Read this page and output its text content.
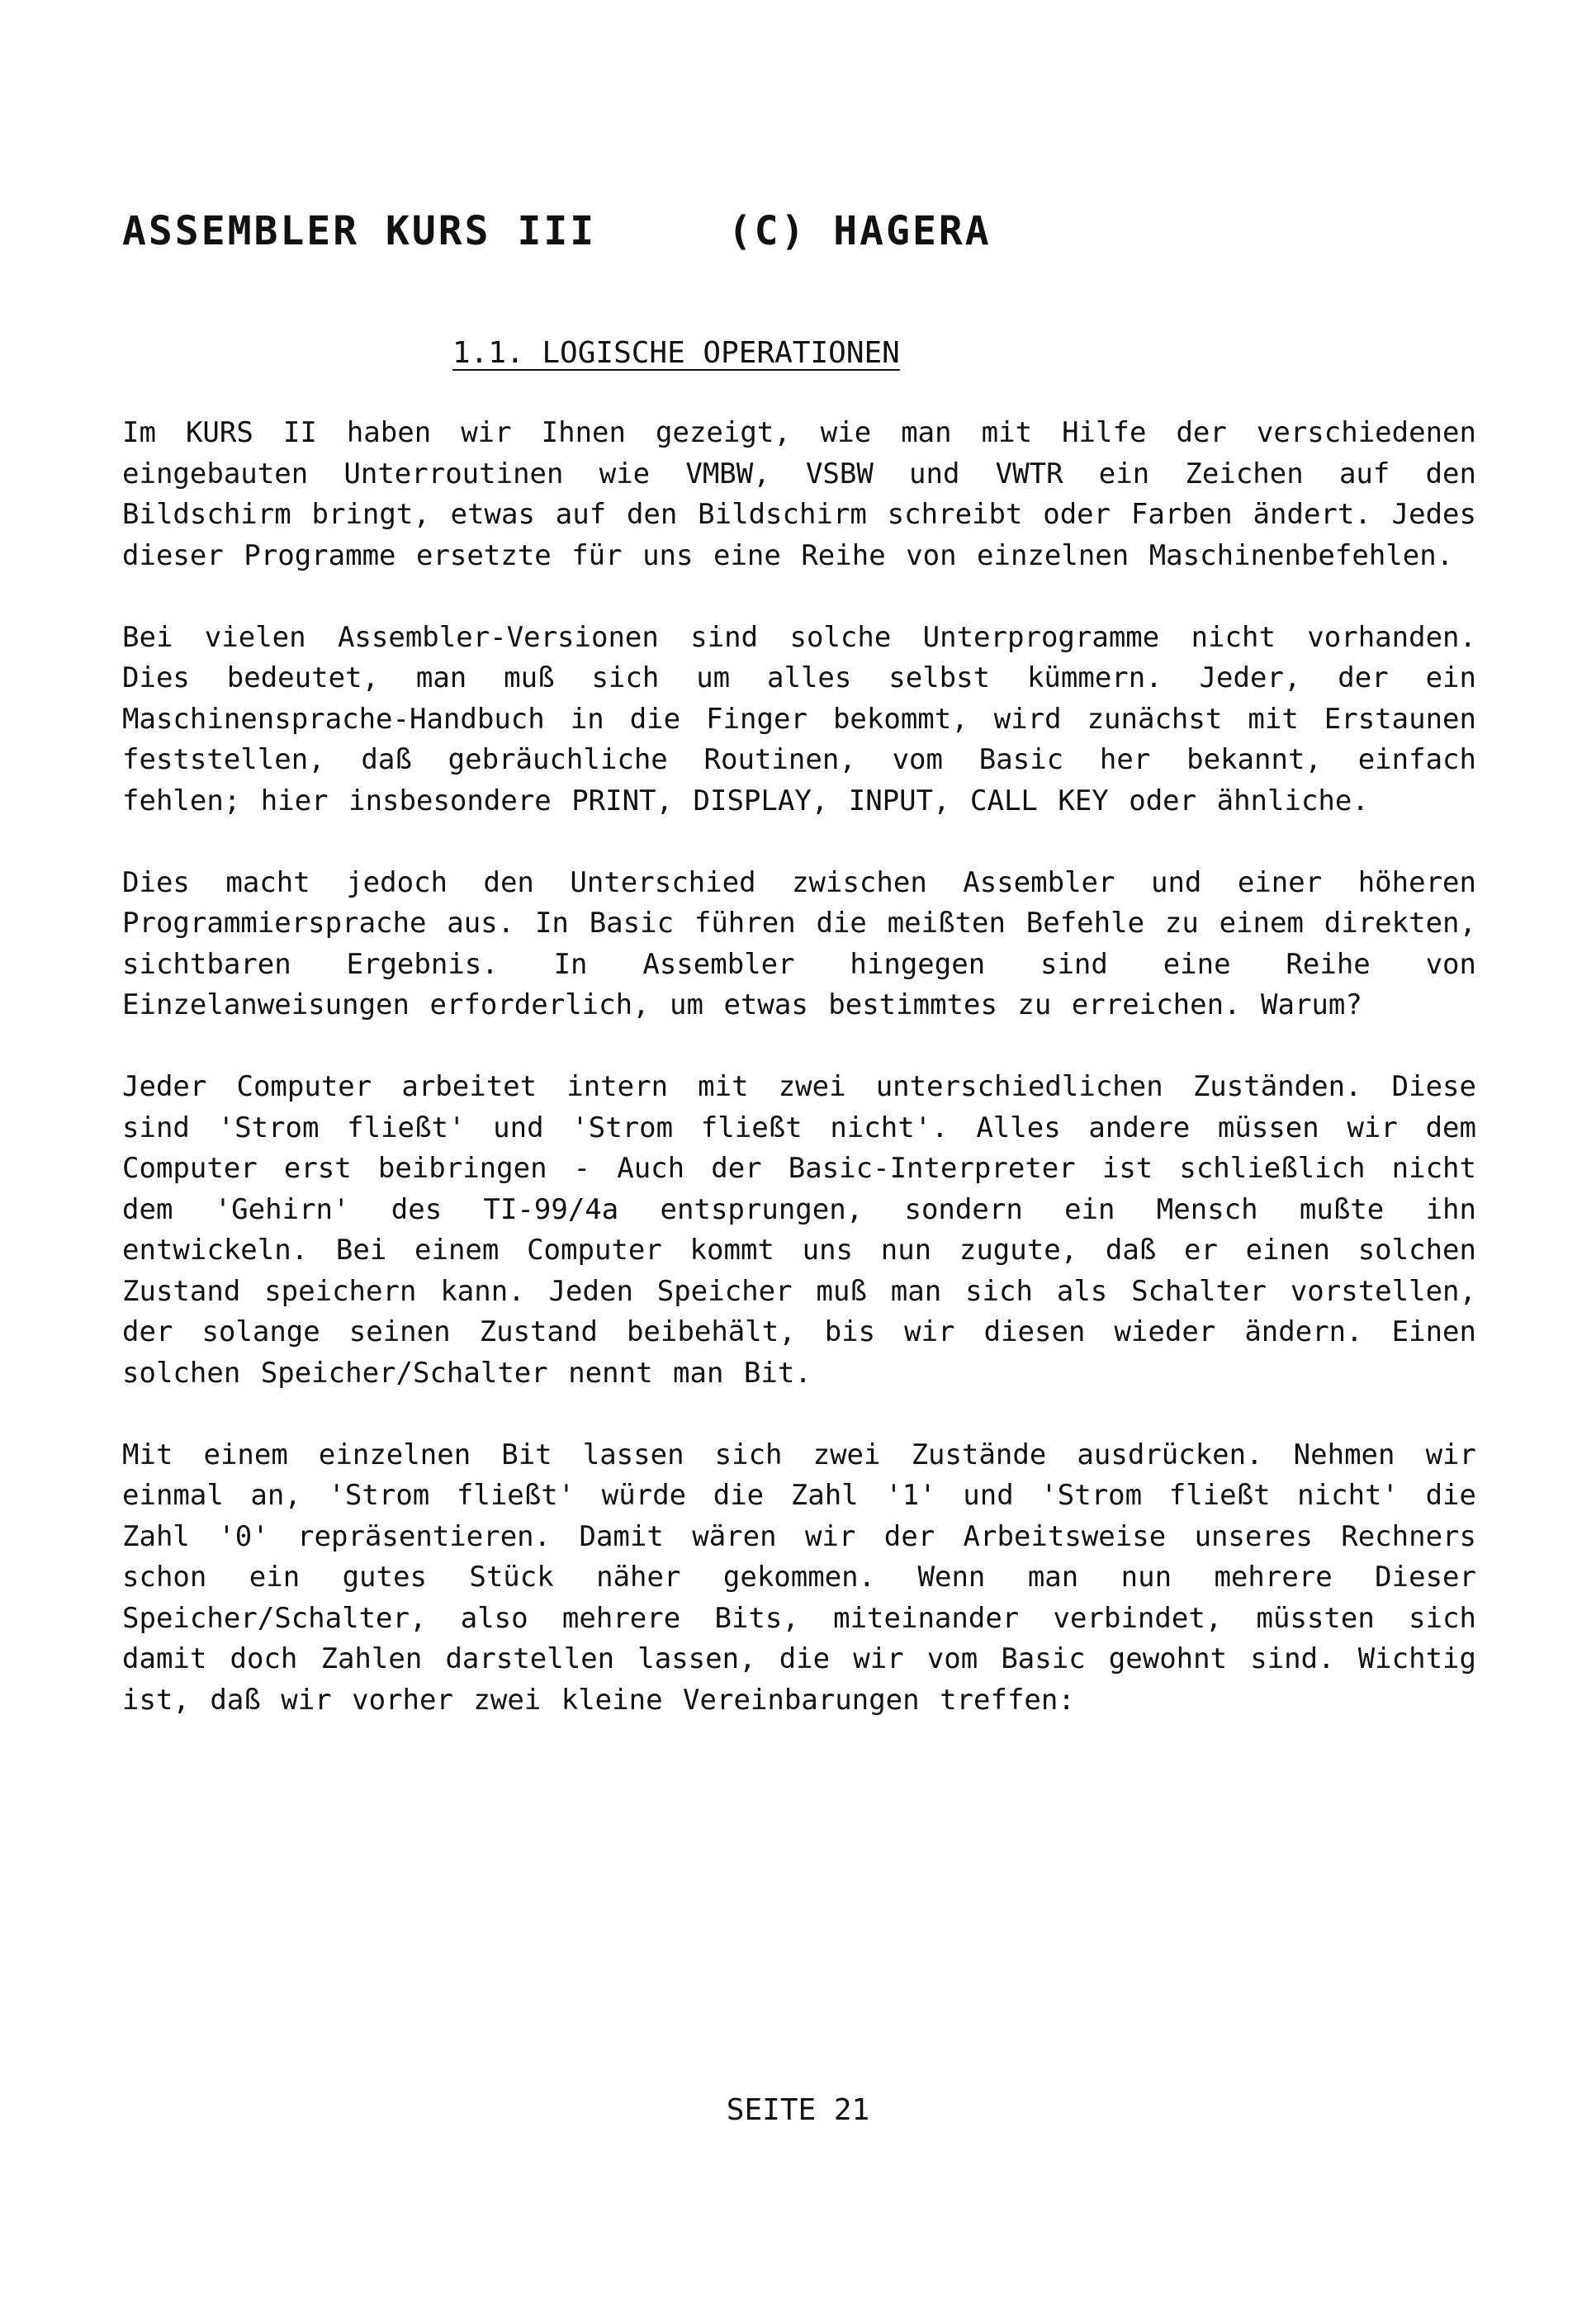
ASSEMBLER KURS III     (C) HAGERA
1.1. LOGISCHE OPERATIONEN

Im KURS II haben wir Ihnen gezeigt, wie man mit Hilfe der verschiedenen eingebauten Unterroutinen wie VMBW, VSBW und VWTR ein Zeichen auf den Bildschirm bringt, etwas auf den Bildschirm schreibt oder Farben ändert. Jedes dieser Programme ersetzte für uns eine Reihe von einzelnen Maschinenbefehlen.

Bei vielen Assembler-Versionen sind solche Unterprogramme nicht vorhanden. Dies bedeutet, man muß sich um alles selbst kümmern. Jeder, der ein Maschinensprache-Handbuch in die Finger bekommt, wird zunächst mit Erstaunen feststellen, daß gebräuchliche Routinen, vom Basic her bekannt, einfach fehlen; hier insbesondere PRINT, DISPLAY, INPUT, CALL KEY oder ähnliche.

Dies macht jedoch den Unterschied zwischen Assembler und einer höheren Programmiersprache aus. In Basic führen die meißten Befehle zu einem direkten, sichtbaren Ergebnis. In Assembler hingegen sind eine Reihe von Einzelanweisungen erforderlich, um etwas bestimmtes zu erreichen. Warum?

Jeder Computer arbeitet intern mit zwei unterschiedlichen Zuständen. Diese sind 'Strom fließt' und 'Strom fließt nicht'. Alles andere müssen wir dem Computer erst beibringen - Auch der Basic-Interpreter ist schließlich nicht dem 'Gehirn' des TI-99/4a entsprungen, sondern ein Mensch mußte ihn entwickeln. Bei einem Computer kommt uns nun zugute, daß er einen solchen Zustand speichern kann. Jeden Speicher muß man sich als Schalter vorstellen, der solange seinen Zustand beibehält, bis wir diesen wieder ändern. Einen solchen Speicher/Schalter nennt man Bit.

Mit einem einzelnen Bit lassen sich zwei Zustände ausdrücken. Nehmen wir einmal an, 'Strom fließt' würde die Zahl '1' und 'Strom fließt nicht' die Zahl '0' repräsentieren. Damit wären wir der Arbeitsweise unseres Rechners schon ein gutes Stück näher gekommen. Wenn man nun mehrere Dieser Speicher/Schalter, also mehrere Bits, miteinander verbindet, müssten sich damit doch Zahlen darstellen lassen, die wir vom Basic gewohnt sind. Wichtig ist, daß wir vorher zwei kleine Vereinbarungen treffen:

SEITE 21
